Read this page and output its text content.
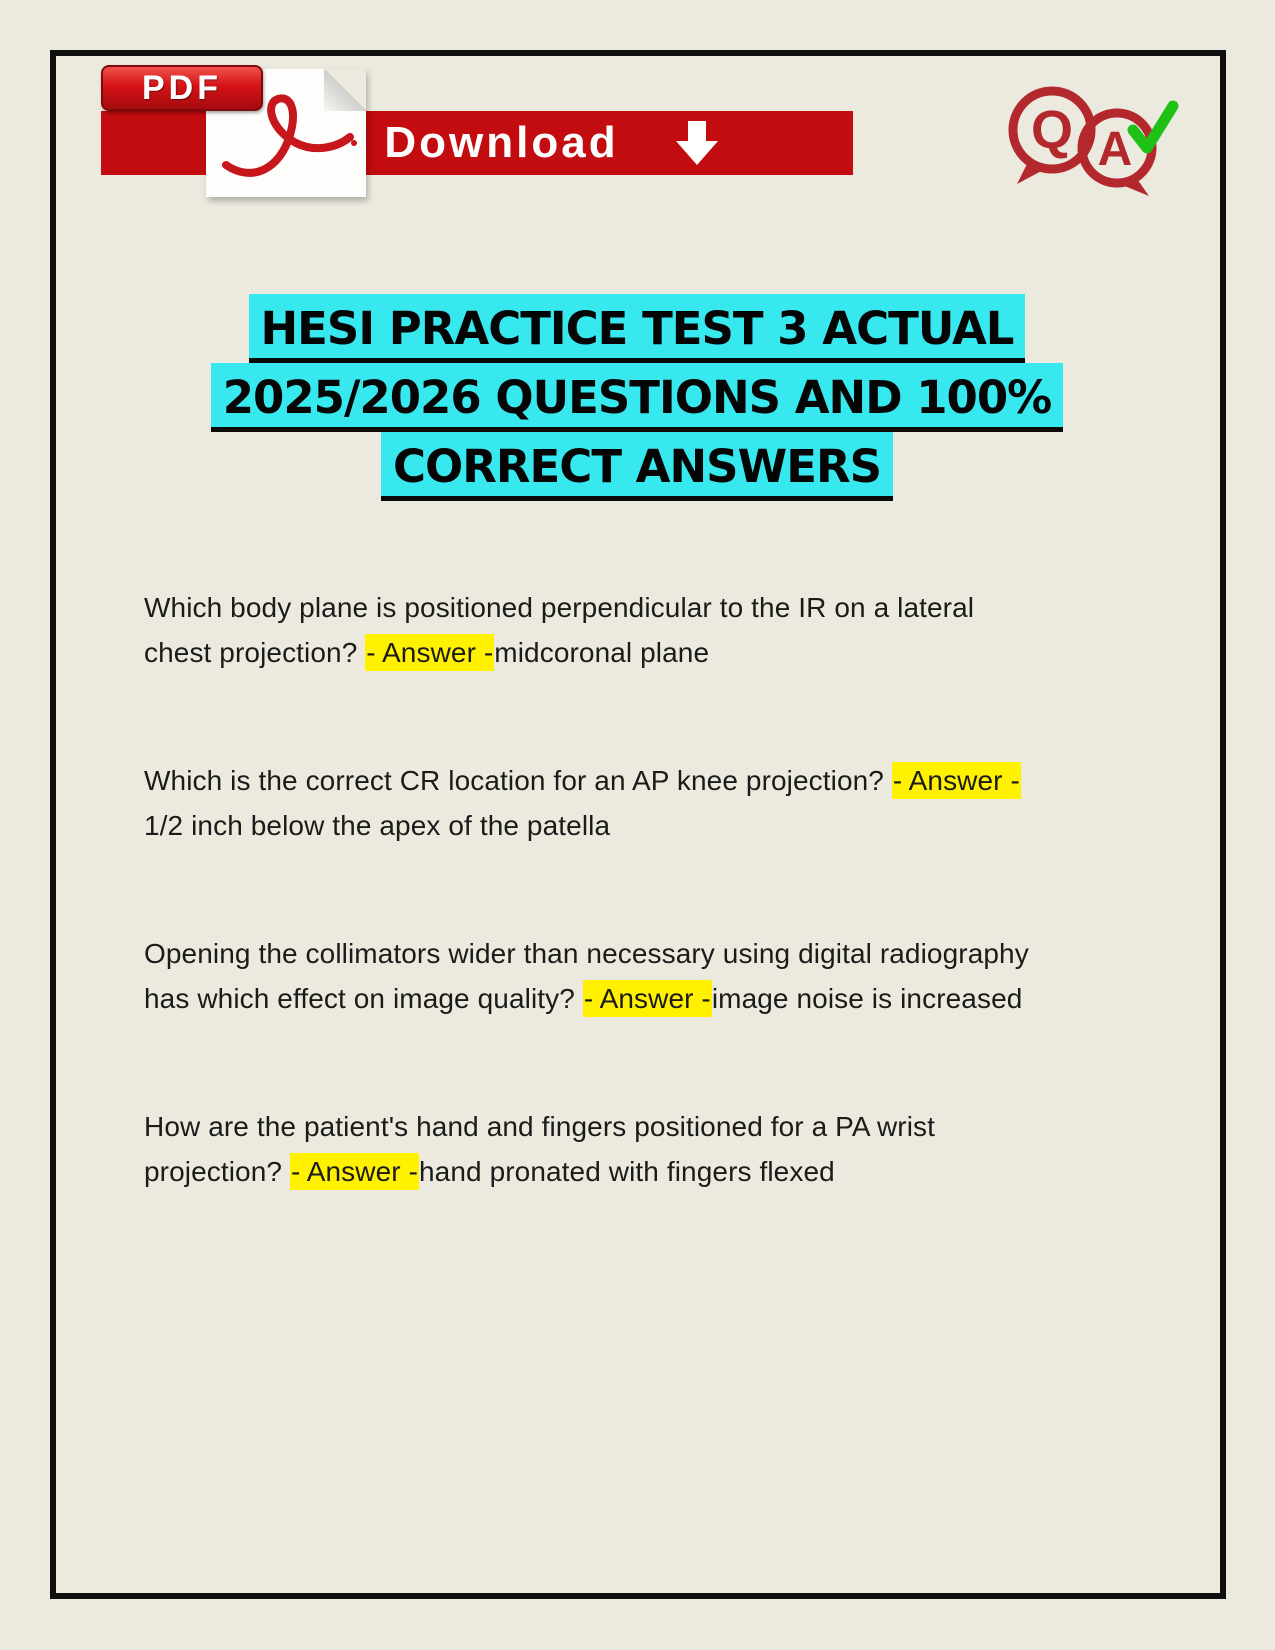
Download
PDF
Q A
HESI PRACTICE TEST 3 ACTUAL
2025/2026 QUESTIONS AND 100%
CORRECT ANSWERS

Which body plane is positioned perpendicular to the IR on a lateral
chest projection? - Answer -midcoronal plane

Which is the correct CR location for an AP knee projection? - Answer -
1/2 inch below the apex of the patella

Opening the collimators wider than necessary using digital radiography
has which effect on image quality? - Answer -image noise is increased

How are the patient's hand and fingers positioned for a PA wrist
projection? - Answer -hand pronated with fingers flexed
